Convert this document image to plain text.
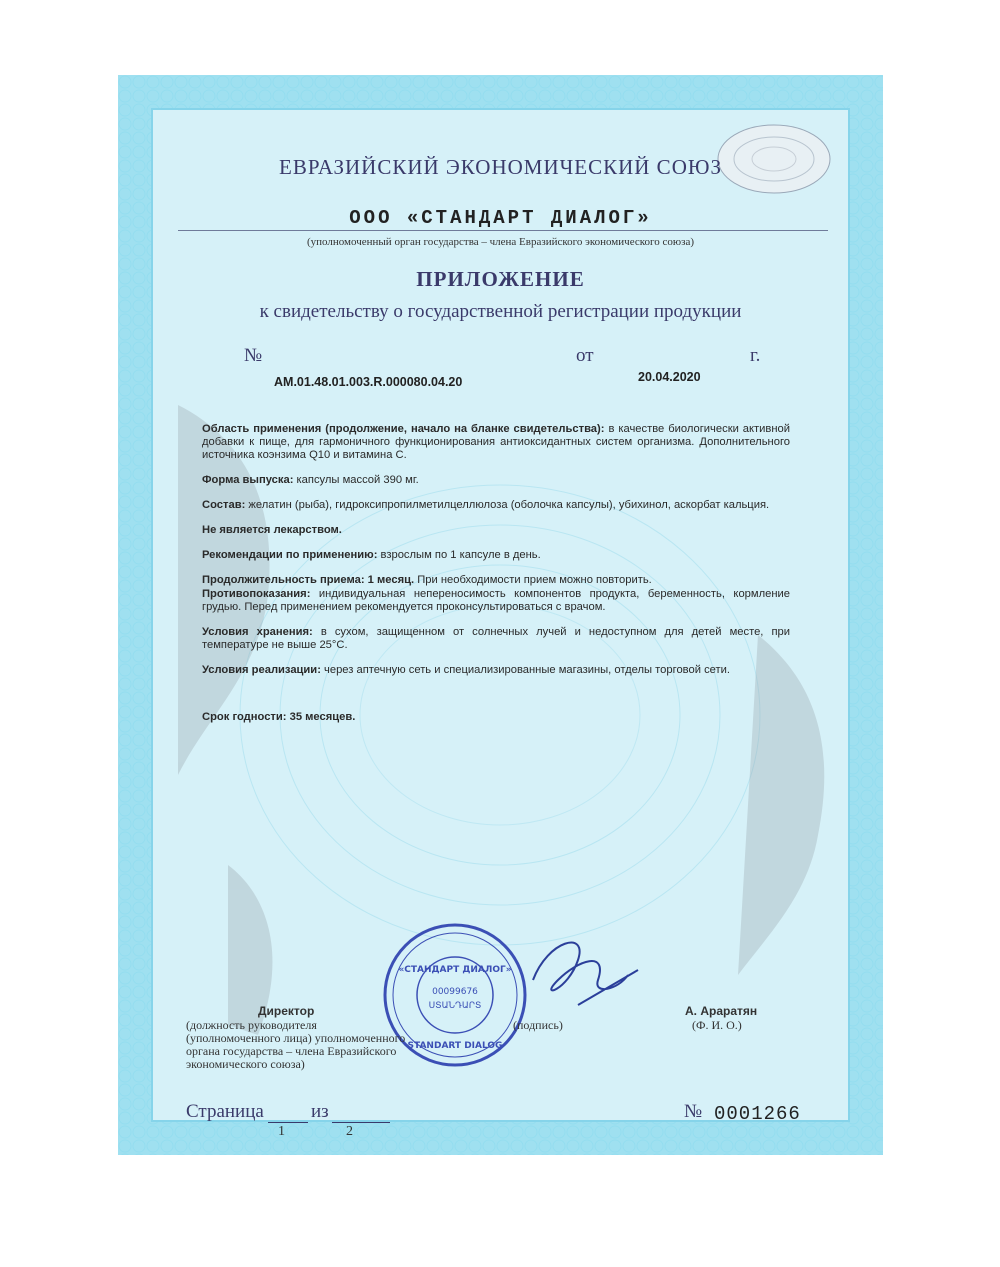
ЕВРАЗИЙСКИЙ ЭКОНОМИЧЕСКИЙ СОЮЗ
ООО «СТАНДАРТ ДИАЛОГ»
(уполномоченный орган государства – члена Евразийского экономического союза)
ПРИЛОЖЕНИЕ
к свидетельству о государственной регистрации продукции
№	от	г.
AM.01.48.01.003.R.000080.04.20	20.04.2020

Область применения (продолжение, начало на бланке свидетельства): в качестве биологически активной добавки к пище, для гармоничного функционирования антиоксидантных систем организма. Дополнительного источника коэнзима Q10 и витамина C.

Форма выпуска: капсулы массой 390 мг.

Состав: желатин (рыба), гидроксипропилметилцеллюлоза (оболочка капсулы), убихинол, аскорбат кальция.

Не является лекарством.

Рекомендации по применению: взрослым по 1 капсуле в день.

Продолжительность приема: 1 месяц. При необходимости прием можно повторить.

Противопоказания: индивидуальная непереносимость компонентов продукта, беременность, кормление грудью. Перед применением рекомендуется проконсультироваться с врачом.

Условия хранения: в сухом, защищенном от солнечных лучей и недоступном для детей месте, при температуре не выше 25°С.

Условия реализации: через аптечную сеть и специализированные магазины, отделы торговой сети.

Срок годности: 35 месяцев.

«СТАНДАРТ ДИАЛОГ»
00099676
ՍՏԱՆԴԱՐՏ
STANDART DIALOG
Директор
(должность руководителя
(уполномоченного лица) уполномоченного
органа государства – члена Евразийского
экономического союза)
(подпись)
А. Араратян
(Ф. И. О.)
Страница
1
из
2
№ 0001266
